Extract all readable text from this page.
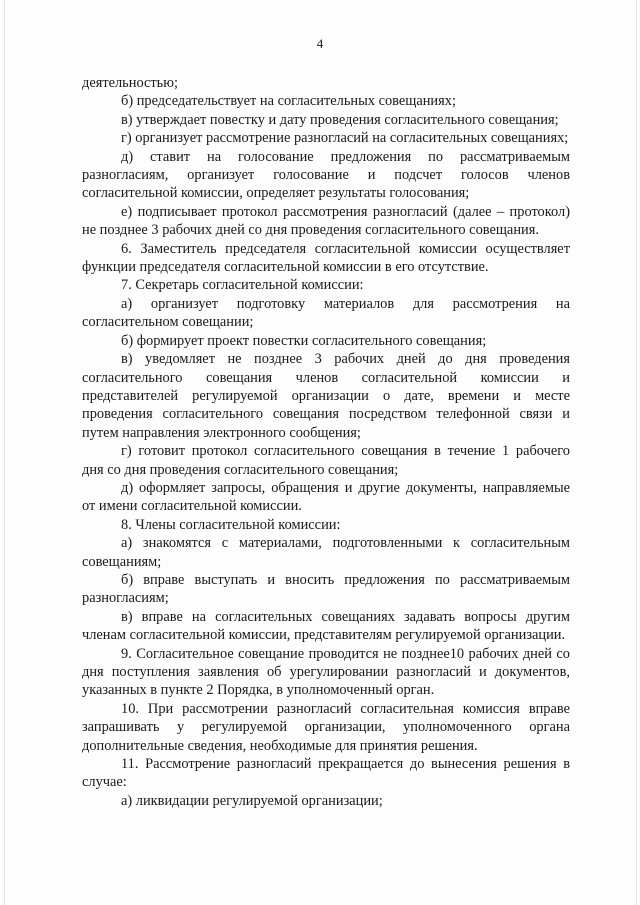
4

деятельностью;

б) председательствует на согласительных совещаниях;

в) утверждает повестку и дату проведения согласительного совещания;

г) организует рассмотрение разногласий на согласительных совещаниях;

д) ставит на голосование предложения по рассматриваемым разногласиям, организует голосование и подсчет голосов членов согласительной комиссии, определяет результаты голосования;

е) подписывает протокол рассмотрения разногласий (далее – протокол) не позднее 3 рабочих дней со дня проведения согласительного совещания.

6. Заместитель председателя согласительной комиссии осуществляет функции председателя согласительной комиссии в его отсутствие.

7. Секретарь согласительной комиссии:

а) организует подготовку материалов для рассмотрения на согласительном совещании;

б) формирует проект повестки согласительного совещания;

в) уведомляет не позднее 3 рабочих дней до дня проведения согласительного совещания членов согласительной комиссии и представителей регулируемой организации о дате, времени и месте проведения согласительного совещания посредством телефонной связи и путем направления электронного сообщения;

г) готовит протокол согласительного совещания в течение 1 рабочего дня со дня проведения согласительного совещания;

д) оформляет запросы, обращения и другие документы, направляемые от имени согласительной комиссии.

8. Члены согласительной комиссии:

а) знакомятся с материалами, подготовленными к согласительным совещаниям;

б) вправе выступать и вносить предложения по рассматриваемым разногласиям;

в) вправе на согласительных совещаниях задавать вопросы другим членам согласительной комиссии, представителям регулируемой организации.

9. Согласительное совещание проводится не позднее10 рабочих дней со дня поступления заявления об урегулировании разногласий и документов, указанных в пункте 2 Порядка, в уполномоченный орган.

10. При рассмотрении разногласий согласительная комиссия вправе запрашивать у регулируемой организации, уполномоченного органа дополнительные сведения, необходимые для принятия решения.

11. Рассмотрение разногласий прекращается до вынесения решения в случае:

а) ликвидации регулируемой организации;
